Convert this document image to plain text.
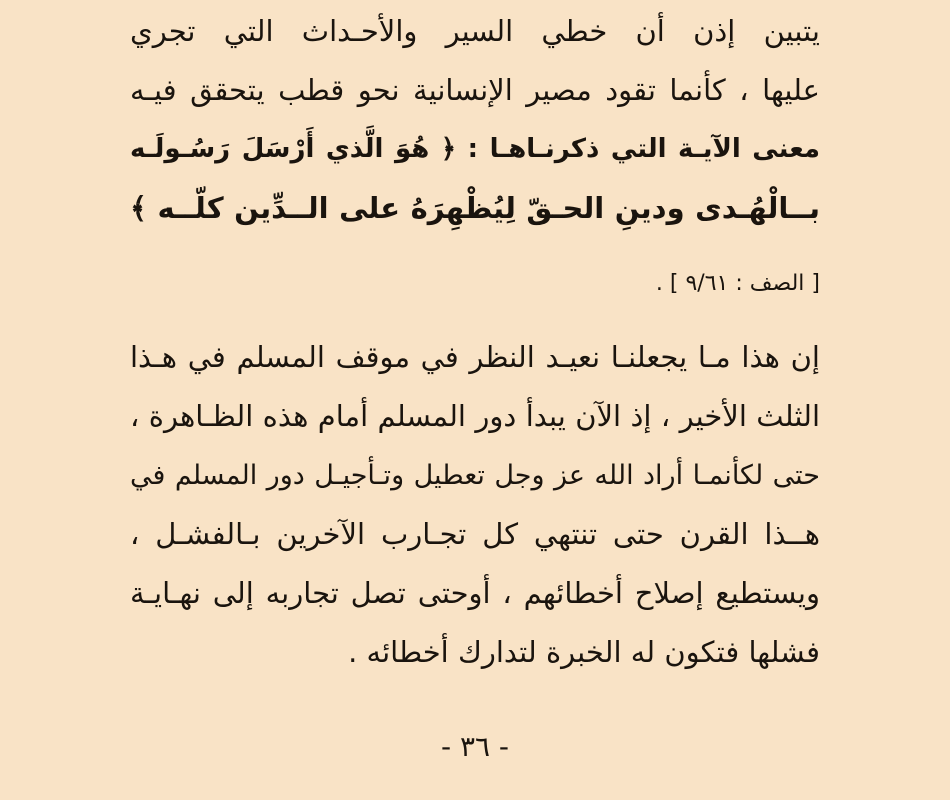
يتبين إذن أن خطي السير والأحـداث التي تجري
عليها ، كأنما تقود مصير الإنسانية نحو قطب يتحقق فيـه
معنى الآيـة التي ذكرنـاهـا : ﴿ هُوَ الَّذي أَرْسَلَ رَسُـولَـه
بــالْهُـدى ودينِ الحـقّ لِيُظْهِرَهُ على الــدِّين كلّــه ﴾
[ الصف : ٩/٦١ ] .
إن هذا مـا يجعلنـا نعيـد النظر في موقف المسلم في هـذا
الثلث الأخير ، إذ الآن يبدأ دور المسلم أمام هذه الظـاهرة ،
حتى لكأنمـا أراد الله عز وجل تعطيل وتـأجيـل دور المسلم في
هــذا القرن حتى تنتهي كل تجـارب الآخرين بـالفشـل ،
ويستطيع إصلاح أخطائهم ، أوحتى تصل تجاربه إلى نهـايـة
فشلها فتكون له الخبرة لتدارك أخطائه .
- ٣٦ -
